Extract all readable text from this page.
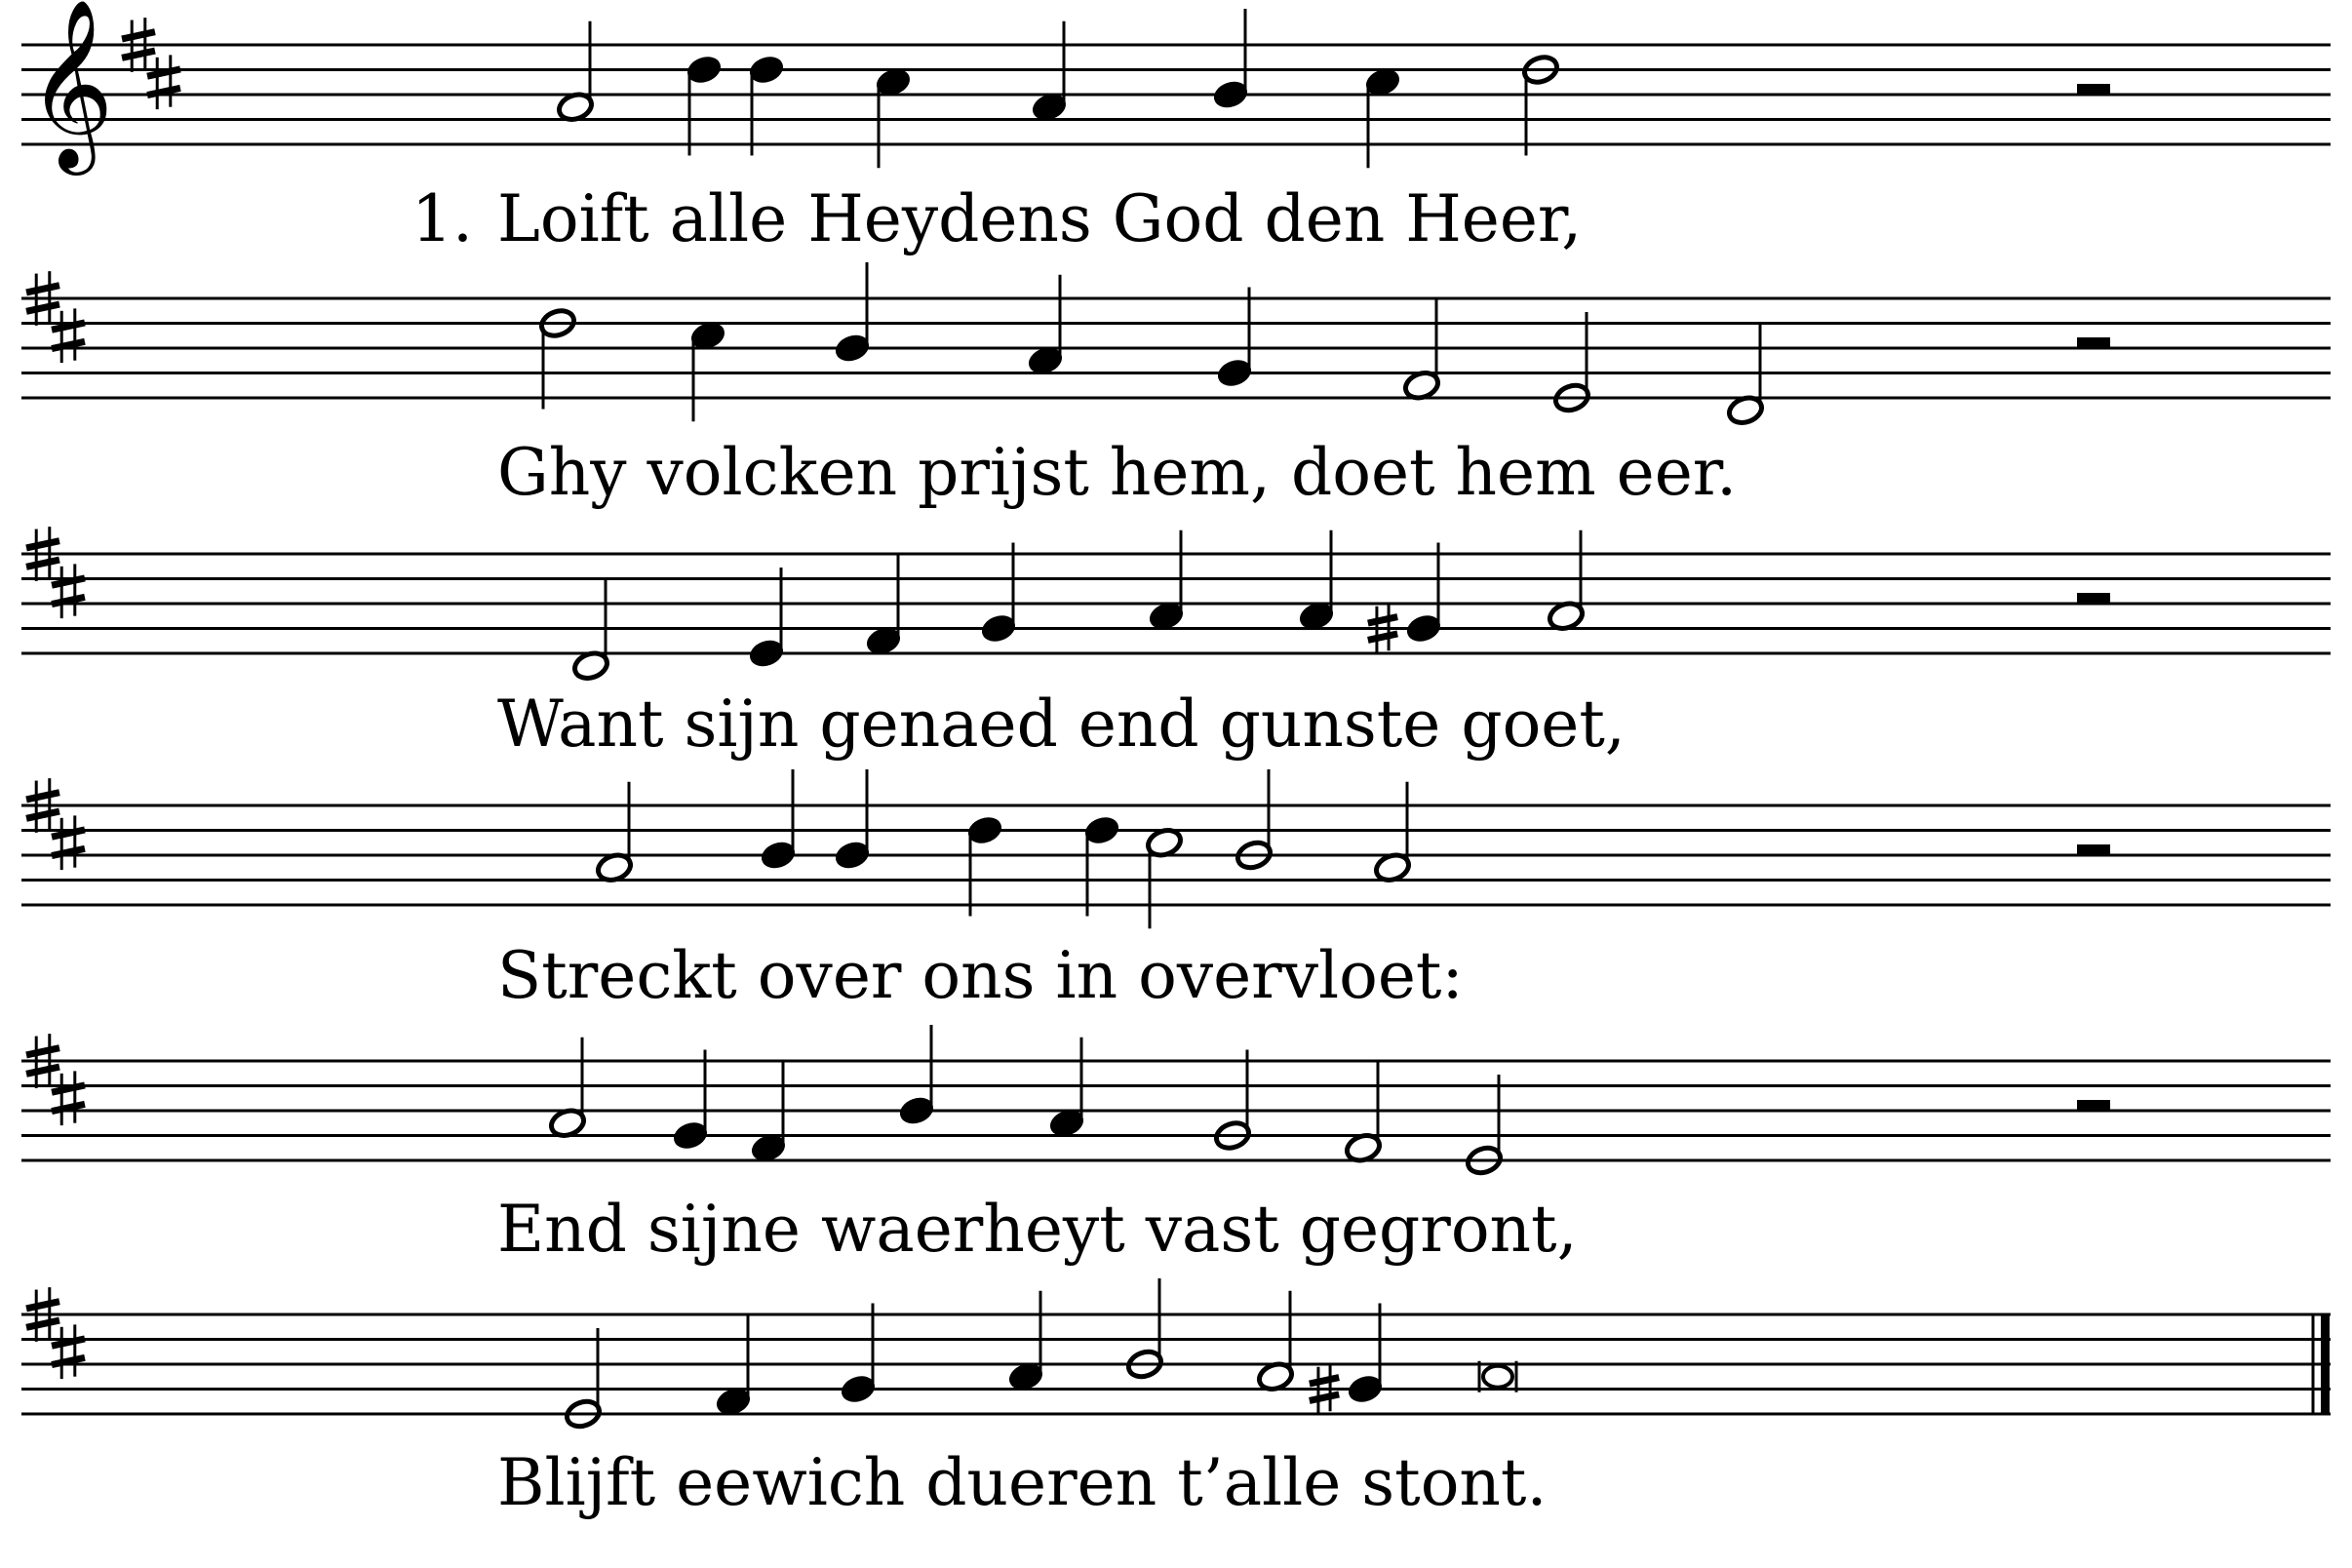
𝄞
1. Loift alle Heydens God den Heer,
Ghy volcken prijst hem, doet hem eer.
Want sijn genaed end gunste goet,
Streckt over ons in overvloet:
End sijne waerheyt vast gegront,
Blijft eewich dueren t’alle stont.
